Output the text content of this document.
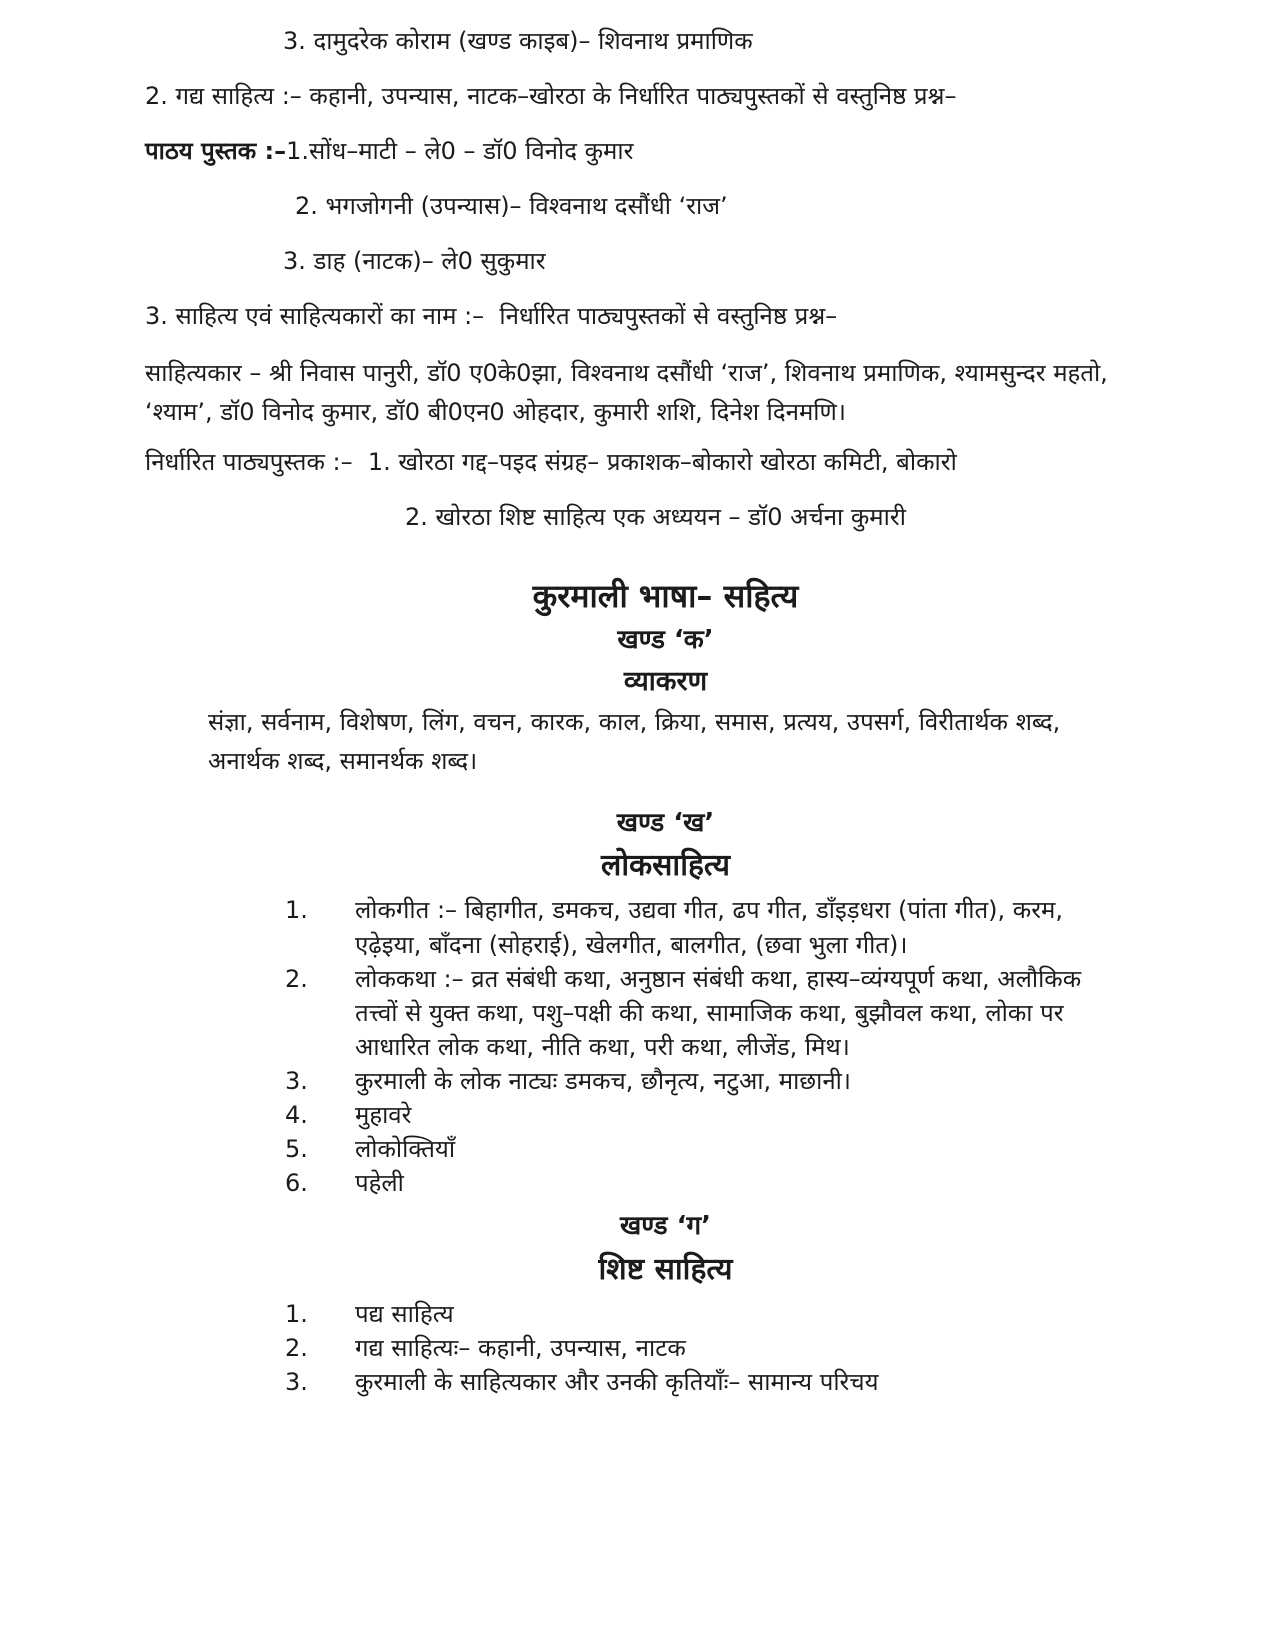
3. दामुदरेक कोराम (खण्ड काइब)– शिवनाथ प्रमाणिक
2. गद्य साहित्य :– कहानी, उपन्यास, नाटक–खोरठा के निर्धारित पाठ्यपुस्तकों से वस्तुनिष्ठ प्रश्न–
पाठय पुस्तक :–1.सोंध–माटी – ले0 – डॉ0 विनोद कुमार
2. भगजोगनी (उपन्यास)– विश्वनाथ दसौंधी ‘राज’
3. डाह (नाटक)– ले0 सुकुमार
3. साहित्य एवं साहित्यकारों का नाम :–  निर्धारित पाठ्यपुस्तकों से वस्तुनिष्ठ प्रश्न–

साहित्यकार – श्री निवास पानुरी, डॉ0 ए0के0झा, विश्वनाथ दसौंधी ‘राज’, शिवनाथ प्रमाणिक, श्यामसुन्दर महतो, ‘श्याम’, डॉ0 विनोद कुमार, डॉ0 बी0एन0 ओहदार, कुमारी शशि, दिनेश दिनमणि।

निर्धारित पाठ्यपुस्तक :–  1. खोरठा गद्द–पइद संग्रह– प्रकाशक–बोकारो खोरठा कमिटी, बोकारो
2. खोरठा शिष्ट साहित्य एक अध्ययन – डॉ0 अर्चना कुमारी
कुरमाली भाषा– सहित्य
खण्ड ‘क’
व्याकरण

संज्ञा, सर्वनाम, विशेषण, लिंग, वचन, कारक, काल, क्रिया, समास, प्रत्यय, उपसर्ग, विरीतार्थक शब्द, अनार्थक शब्द, समानर्थक शब्द।

खण्ड ‘ख’
लोकसाहित्य
1.	लोकगीत :– बिहागीत, डमकच, उद्यवा गीत, ढप गीत, डाँइड़धरा (पांता गीत), करम, एढ़ेइया, बाँदना (सोहराई), खेलगीत, बालगीत, (छवा भुला गीत)।
2.	लोककथा :– व्रत संबंधी कथा, अनुष्ठान संबंधी कथा, हास्य–व्यंग्यपूर्ण कथा, अलौकिक तत्त्वों से युक्त कथा, पशु–पक्षी की कथा, सामाजिक कथा, बुझौवल कथा, लोका पर आधारित लोक कथा, नीति कथा, परी कथा, लीजेंड, मिथ।
3.	कुरमाली के लोक नाट्यः डमकच, छौनृत्य, नटुआ, माछानी।
4.	मुहावरे
5.	लोकोक्तियाँ
6.	पहेली
खण्ड ‘ग’
शिष्ट साहित्य
1.	पद्य साहित्य
2.	गद्य साहित्यः– कहानी, उपन्यास, नाटक
3.	कुरमाली के साहित्यकार और उनकी कृतियाँः– सामान्य परिचय
